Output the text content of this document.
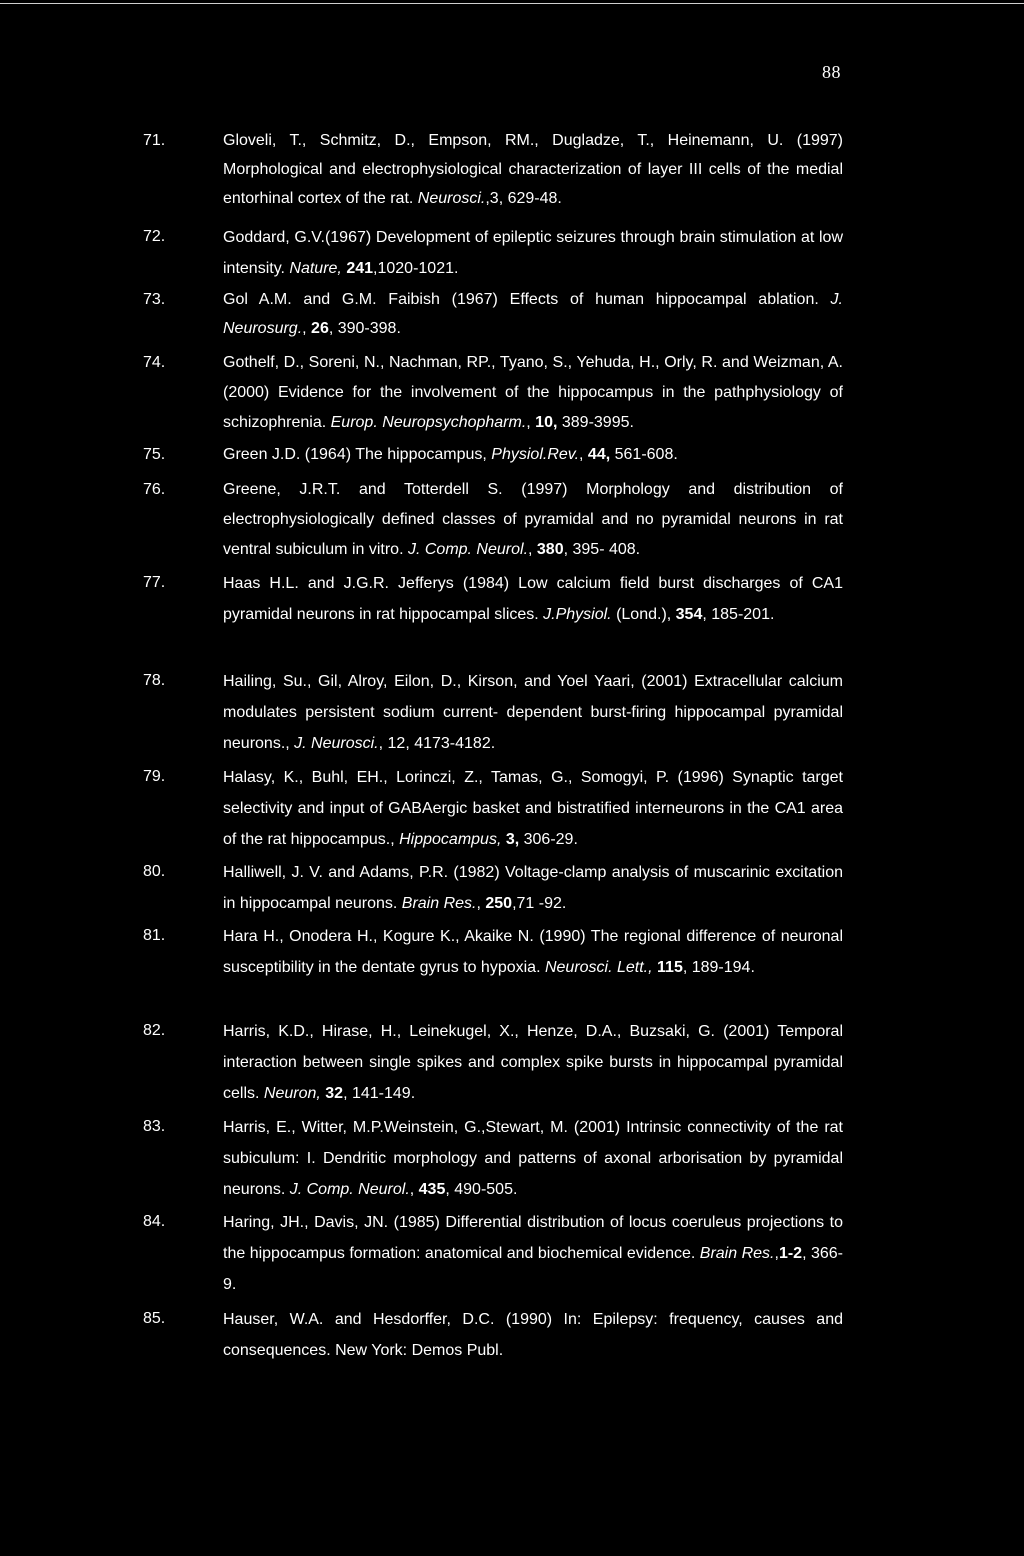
88
71.	Gloveli, T., Schmitz, D., Empson, RM., Dugladze, T., Heinemann, U. (1997) Morphological and electrophysiological characterization of layer III cells of the medial entorhinal cortex of the rat. Neurosci.,3, 629-48.
72.	Goddard, G.V.(1967) Development of epileptic seizures through brain stimulation at low intensity. Nature, 241,1020-1021.
73.	Gol A.M. and G.M. Faibish (1967) Effects of human hippocampal ablation. J. Neurosurg., 26, 390-398.
74.	Gothelf, D., Soreni, N., Nachman, RP., Tyano, S., Yehuda, H., Orly, R. and Weizman, A. (2000) Evidence for the involvement of the hippocampus in the pathphysiology of schizophrenia. Europ. Neuropsychopharm., 10, 389-3995.
75.	Green J.D. (1964) The hippocampus, Physiol.Rev., 44, 561-608.
76.	Greene, J.R.T. and Totterdell S. (1997) Morphology and distribution of electrophysiologically defined classes of pyramidal and no pyramidal neurons in rat ventral subiculum in vitro. J. Comp. Neurol., 380, 395- 408.
77.	Haas H.L. and J.G.R. Jefferys (1984) Low calcium field burst discharges of CA1 pyramidal neurons in rat hippocampal slices. J.Physiol. (Lond.), 354, 185-201.
78.	Hailing, Su., Gil, Alroy, Eilon, D., Kirson, and Yoel Yaari, (2001) Extracellular calcium modulates persistent sodium current- dependent burst-firing hippocampal pyramidal neurons., J. Neurosci., 12, 4173-4182.
79.	Halasy, K., Buhl, EH., Lorinczi, Z., Tamas, G., Somogyi, P. (1996) Synaptic target selectivity and input of GABAergic basket and bistratified interneurons in the CA1 area of the rat hippocampus., Hippocampus, 3, 306-29.
80.	Halliwell, J. V. and Adams, P.R. (1982) Voltage-clamp analysis of muscarinic excitation in hippocampal neurons. Brain Res., 250,71 -92.
81.	Hara H., Onodera H., Kogure K., Akaike N. (1990) The regional difference of neuronal susceptibility in the dentate gyrus to hypoxia. Neurosci. Lett., 115, 189-194.
82.	Harris, K.D., Hirase, H., Leinekugel, X., Henze, D.A., Buzsaki, G. (2001) Temporal interaction between single spikes and complex spike bursts in hippocampal pyramidal cells. Neuron, 32, 141-149.
83.	Harris, E., Witter, M.P.Weinstein, G.,Stewart, M. (2001) Intrinsic connectivity of the rat subiculum: I. Dendritic morphology and patterns of axonal arborisation by pyramidal neurons. J. Comp. Neurol., 435, 490-505.
84.	Haring, JH., Davis, JN. (1985) Differential distribution of locus coeruleus projections to the hippocampus formation: anatomical and biochemical evidence. Brain Res.,1-2, 366-9.
85.	Hauser, W.A. and Hesdorffer, D.C. (1990) In: Epilepsy: frequency, causes and consequences. New York: Demos Publ.
